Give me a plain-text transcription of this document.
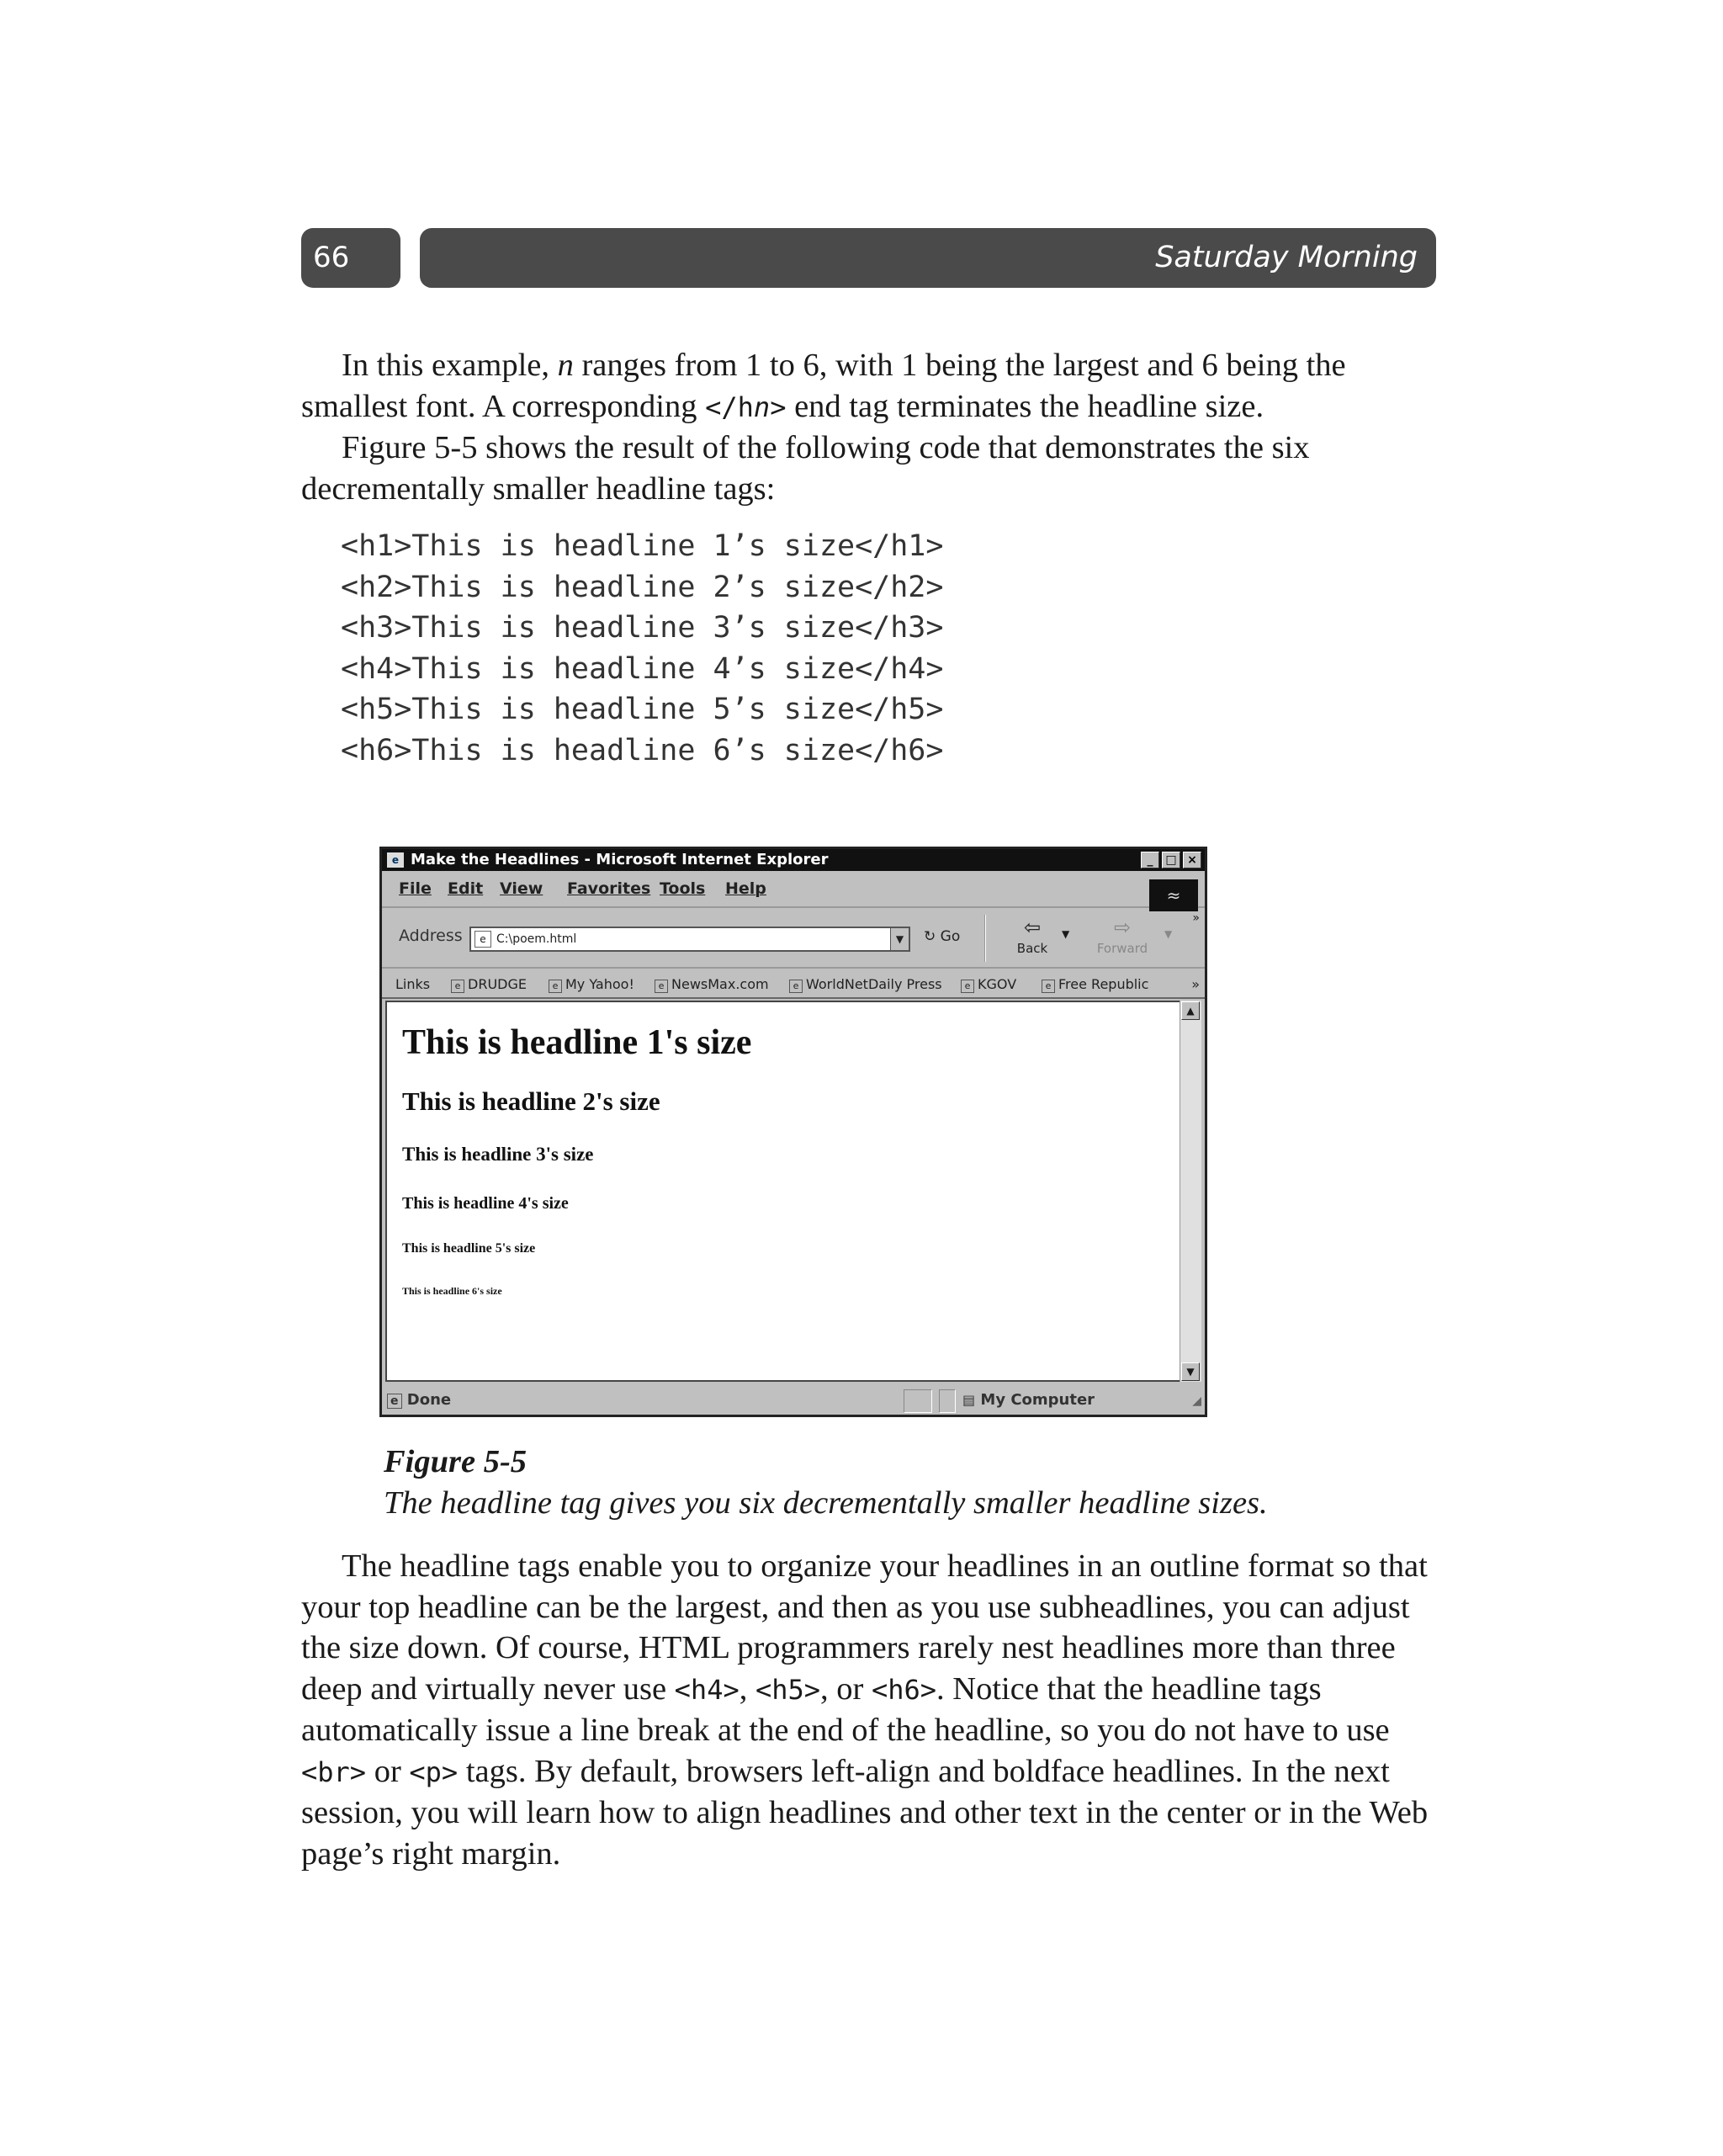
66	Saturday Morning

In this example, n ranges from 1 to 6, with 1 being the largest and 6 being the smallest font. A corresponding </hn> end tag terminates the headline size.

Figure 5-5 shows the result of the following code that demonstrates the six decrementally smaller headline tags:

<h1>This is headline 1’s size</h1>
<h2>This is headline 2’s size</h2>
<h3>This is headline 3’s size</h3>
<h4>This is headline 4’s size</h4>
<h5>This is headline 5’s size</h5>
<h6>This is headline 6’s size</h6>
e Make the Headlines - Microsoft Internet Explorer	_	□ ×
File Edit View Favorites Tools Help	≈
Address	e C:\poem.html	▼	↻ Go	⇦
Back
▼	⇨
Forward
▼
»
Links	e DRUDGE	e My Yahoo!	e NewsMax.com	e WorldNetDaily Press	e KGOV	e Free Republic	»
This is headline 1's size
This is headline 2's size
This is headline 3's size
This is headline 4's size
This is headline 5's size
This is headline 6's size
▲
▼
e Done	▤ My Computer	◢
Figure 5-5
The headline tag gives you six decrementally smaller headline sizes.

The headline tags enable you to organize your headlines in an outline format so that your top headline can be the largest, and then as you use subheadlines, you can adjust the size down. Of course, HTML programmers rarely nest headlines more than three deep and virtually never use <h4>, <h5>, or <h6>. Notice that the headline tags automatically issue a line break at the end of the headline, so you do not have to use <br> or <p> tags. By default, browsers left-align and boldface headlines. In the next session, you will learn how to align headlines and other text in the center or in the Web page’s right margin.
